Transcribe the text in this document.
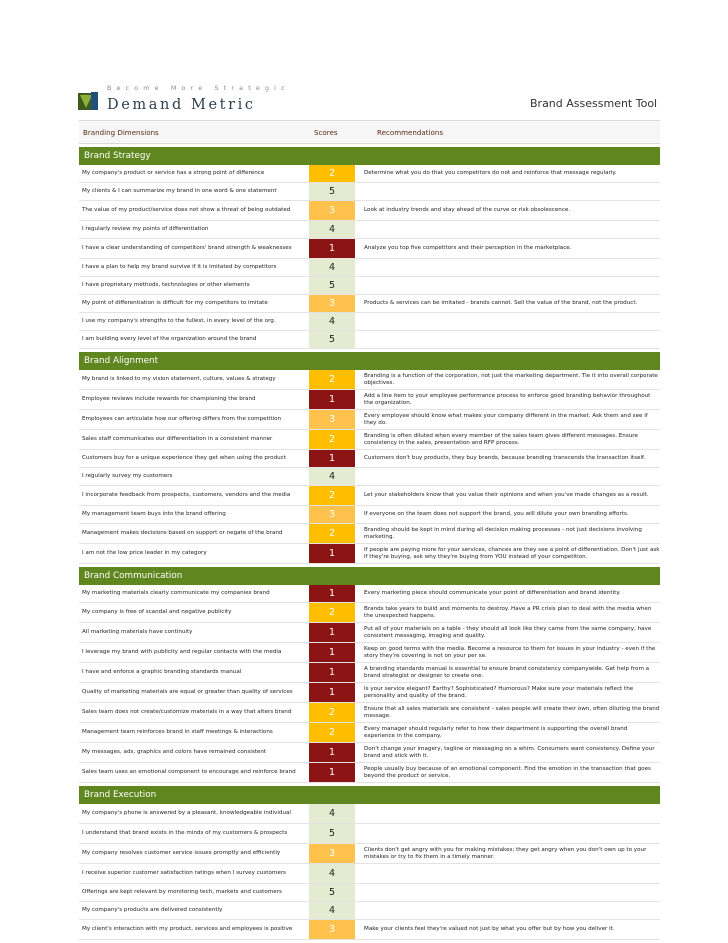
Become More Strategic
Demand Metric	Brand Assessment Tool
Branding Dimensions	Scores	Recommendations
Brand Strategy
My company's product or service has a strong point of difference	2	Determine what you do that you competitors do not and reinforce that message regularly.
My clients & I can summarize my brand in one word & one statement	5
The value of my product/service does not show a threat of being outdated	3	Look at industry trends and stay ahead of the curve or risk obsolescence.
I regularly review my points of differentiation	4
I have a clear understanding of competitors' brand strength & weaknesses	1	Analyze you top five competitors and their perception in the marketplace.
I have a plan to help my brand survive if it is imitated by competitors	4
I have proprietary methods, technologies or other elements	5
My point of differentiation is difficult for my competitors to imitate	3	Products & services can be imitated - brands cannot. Sell the value of the brand, not the product.
I use my company's strengths to the fullest, in every level of the org.	4
I am building every level of the organization around the brand	5
Brand Alignment
My brand is linked to my vision statement, culture, values & strategy	2	Branding is a function of the corporation, not just the marketing department. Tie it into overall corporate objectives.
Employee reviews include rewards for championing the brand	1	Add a line item to your employee performance process to enforce good branding behavior throughout the organization.
Employees can articulate how our offering differs from the competition	3	Every employee should know what makes your company different in the market. Ask them and see if they do.
Sales staff communicates our differentiation in a consistent manner	2	Branding is often diluted when every member of the sales team gives different messages. Ensure consistency in the sales, presentation and RFP process.
Customers buy for a unique experience they get when using the product	1	Customers don't buy products, they buy brands, because branding transcends the transaction itself.
I regularly survey my customers	4
I incorporate feedback from prospects, customers, vendors and the media	2	Let your stakeholders know that you value their opinions and when you've made changes as a result.
My management team buys into the brand offering	3	If everyone on the team does not support the brand, you will dilute your own branding efforts.
Management makes decisions based on support or negate of the brand	2	Branding should be kept in mind during all decision making processes - not just decisions involving marketing.
I am not the low price leader in my category	1	If people are paying more for your services, chances are they see a point of differentiation. Don't just ask if they're buying, ask why they're buying from YOU instead of your competition.
Brand Communication
My marketing materials clearly communicate my companies brand	1	Every marketing piece should communicate your point of differentiation and brand identity.
My company is free of scandal and negative publicity	2	Brands take years to build and moments to destroy. Have a PR crisis plan to deal with the media when the unexpected happens.
All marketing materials have continuity	1	Put all of your materials on a table - they should all look like they came from the same company, have consistent messaging, imaging and quality.
I leverage my brand with publicity and regular contacts with the media	1	Keep on good terms with the media. Become a resource to them for issues in your industry - even if the story they're covering is not on your per se.
I have and enforce a graphic branding standards manual	1	A branding standards manual is essential to ensure brand consistency companywide. Get help from a brand strategist or designer to create one.
Quality of marketing materials are equal or greater than quality of services	1	Is your service elegant? Earthy? Sophisticated? Humorous? Make sure your materials reflect the personality and quality of the brand.
Sales team does not create/customize materials in a way that alters brand	2	Ensure that all sales materials are consistent - sales people will create their own, often diluting the brand message.
Management team reinforces brand in staff meetings & interactions	2	Every manager should regularly refer to how their department is supporting the overall brand experience in the company.
My messages, ads, graphics and colors have remained consistent	1	Don't change your imagery, tagline or messaging on a whim. Consumers want consistency. Define your brand and stick with it.
Sales team uses an emotional component to encourage and reinforce brand	1	People usually buy because of an emotional component. Find the emotion in the transaction that goes beyond the product or service.
Brand Execution
My company's phone is answered by a pleasant, knowledgeable individual	4
I understand that brand exists in the minds of my customers & prospects	5
My company resolves customer service issues promptly and efficiently	3	Clients don't get angry with you for making mistakes; they get angry when you don't own up to your mistakes or try to fix them in a timely manner.
I receive superior customer satisfaction ratings when I survey customers	4
Offerings are kept relevant by monitoring tech, markets and customers	5
My company's products are delivered consistently	4
My client's interaction with my product, services and employees is positive	3	Make your clients feel they're valued not just by what you offer but by how you deliver it.
